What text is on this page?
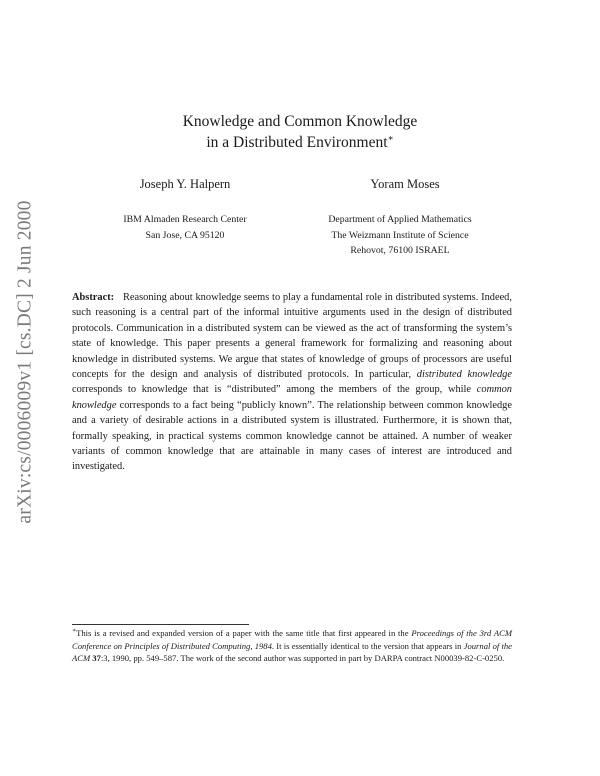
arXiv:cs/0006009v1 [cs.DC] 2 Jun 2000
Knowledge and Common Knowledge
in a Distributed Environment∗
Joseph Y. Halpern	Yoram Moses
IBM Almaden Research Center
San Jose, CA 95120
Department of Applied Mathematics
The Weizmann Institute of Science
Rehovot, 76100 ISRAEL
Abstract: Reasoning about knowledge seems to play a fundamental role in distributed systems. Indeed, such reasoning is a central part of the informal intuitive arguments used in the design of distributed protocols. Communication in a distributed system can be viewed as the act of transforming the system’s state of knowledge. This paper presents a general framework for formalizing and reasoning about knowledge in distributed systems. We argue that states of knowledge of groups of processors are useful concepts for the design and analysis of distributed protocols. In particular, distributed knowledge corresponds to knowledge that is “distributed” among the members of the group, while common knowledge corresponds to a fact being “publicly known”. The relationship between common knowledge and a variety of desirable actions in a distributed system is illustrated. Furthermore, it is shown that, formally speaking, in practical systems common knowledge cannot be attained. A number of weaker variants of common knowledge that are attainable in many cases of interest are introduced and investigated.
∗This is a revised and expanded version of a paper with the same title that first appeared in the Proceedings of the 3rd ACM Conference on Principles of Distributed Computing, 1984. It is essentially identical to the version that appears in Journal of the ACM 37:3, 1990, pp. 549–587. The work of the second author was supported in part by DARPA contract N00039-82-C-0250.
